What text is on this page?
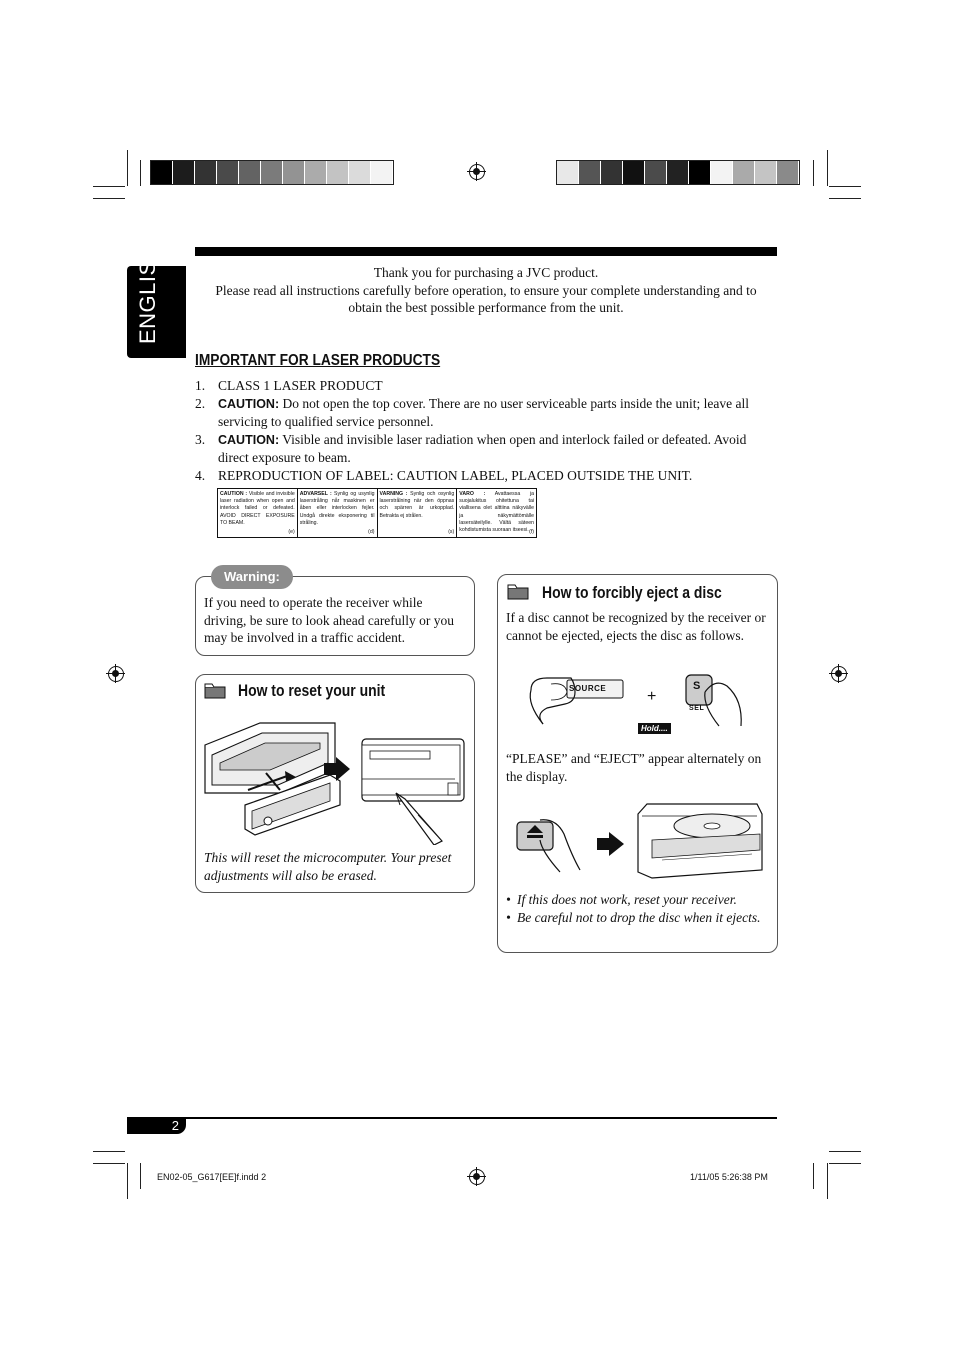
ENGLISH	Thank you for purchasing a JVC product.
Please read all instructions carefully before operation, to ensure your complete understanding and to
obtain the best possible performance from the unit.
IMPORTANT FOR LASER PRODUCTS
1. CLASS 1 LASER PRODUCT
2.	CAUTION: Do not open the top cover. There are no user serviceable parts inside the unit; leave all servicing to qualified service personnel.
3.	CAUTION: Visible and invisible laser radiation when open and interlock failed or defeated. Avoid direct exposure to beam.
4. REPRODUCTION OF LABEL: CAUTION LABEL, PLACED OUTSIDE THE UNIT.
CAUTION : Visible and invisible laser radiation when open and interlock failed or defeated. AVOID DIRECT EXPOSURE TO BEAM.
(e)
ADVARSEL : Synlig og usynlig laserstråling når maskinen er åben eller interlocken fejler. Undgå direkte eksponering til stråling.
(d)
VARNING : Synlig och osynlig laserstrålning när den öppnas och spärren är urkopplad. Betrakta ej strålen.
(s)
VARO : Avattaessa ja suojalukitus ohitettuna tai viallisena olet alttiina näkyvälle ja näkymättömälle lasersäteilylle. Vältä säteen kohdistumista suoraan itseesi. (f)
Warning:
If you need to operate the receiver while driving, be sure to look ahead carefully or you may be involved in a traffic accident.
How to reset your unit
This will reset the microcomputer. Your preset adjustments will also be erased.
How to forcibly eject a disc
If a disc cannot be recognized by the receiver or cannot be ejected, ejects the disc as follows.
SOURCE	+
S
SEL
Hold....
“PLEASE” and “EJECT” appear alternately on the display.
• If this does not work, reset your receiver.
• Be careful not to drop the disc when it ejects.
2
EN02-05_G617[EE]f.indd 2	1/11/05 5:26:38 PM
